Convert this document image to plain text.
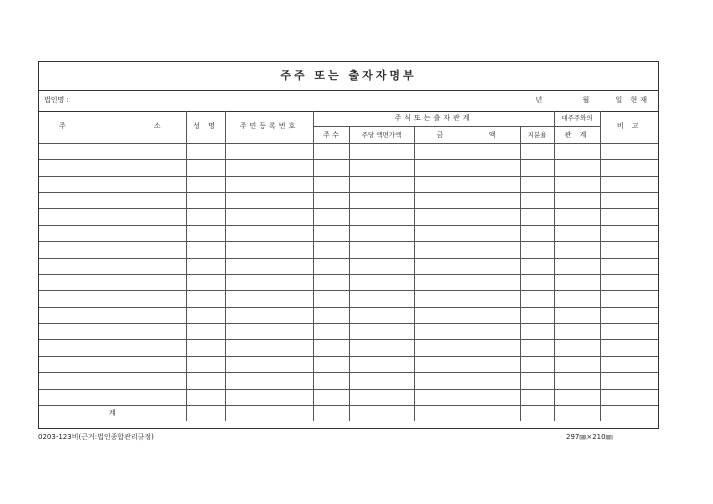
주주 또는 출자자명부
법인명 :	년	월	일 현재
주 소	성 명	주민등록번호	주식또는출자관계				대주주와의	비 고
			주 수	주당 액면가액	금 액	지분율	관 계	

계								
0203-123비(근거:법인종합관리규정)	297㎜×210㎜
